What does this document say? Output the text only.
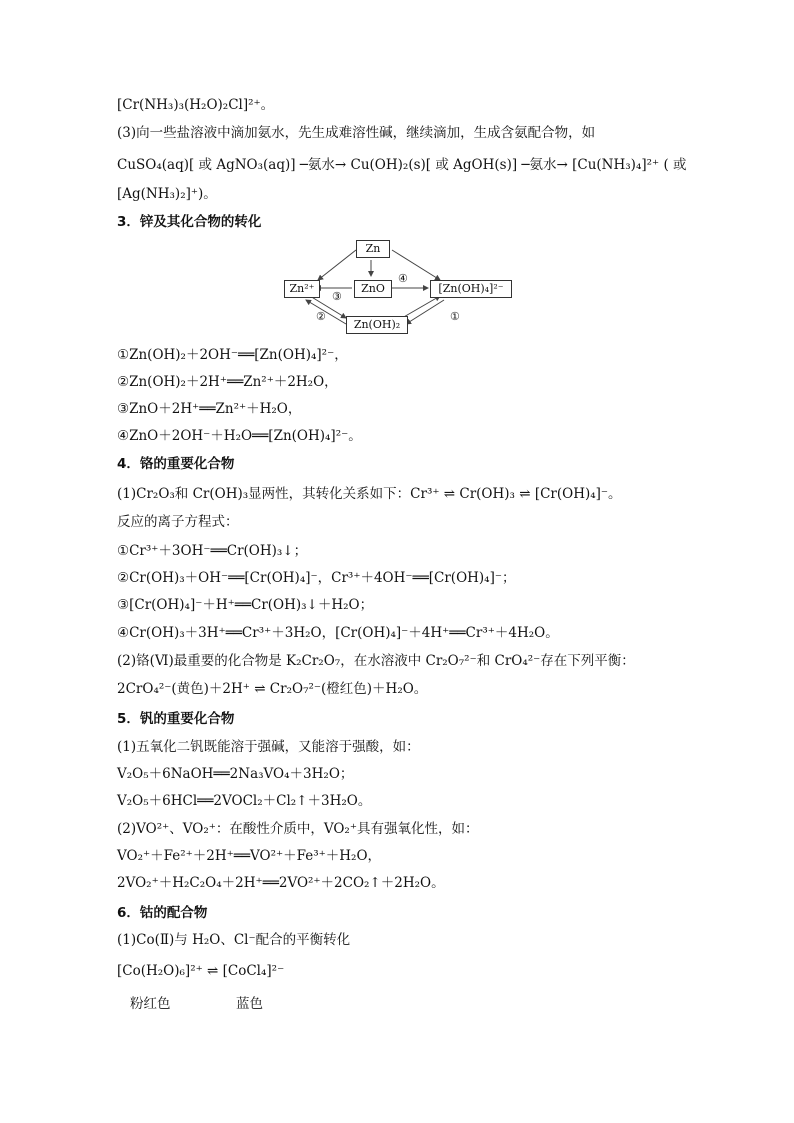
[Cr(NH₃)₃(H₂O)₂Cl]²⁺。
(3)向一些盐溶液中滴加氨水，先生成难溶性碱，继续滴加，生成含氨配合物，如
CuSO₄(aq)[ 或 AgNO₃(aq)] ─氨水→ Cu(OH)₂(s)[ 或 AgOH(s)] ─氨水→ [Cu(NH₃)₄]²⁺ ( 或
[Ag(NH₃)₂]⁺)。
3．锌及其化合物的转化
Zn
Zn²⁺	ZnO	[Zn(OH)₄]²⁻
Zn(OH)₂
①
②
③
④
①Zn(OH)₂＋2OH⁻══[Zn(OH)₄]²⁻，
②Zn(OH)₂＋2H⁺══Zn²⁺＋2H₂O，
③ZnO＋2H⁺══Zn²⁺＋H₂O，
④ZnO＋2OH⁻＋H₂O══[Zn(OH)₄]²⁻。
4．铬的重要化合物
(1)Cr₂O₃和 Cr(OH)₃显两性，其转化关系如下：Cr³⁺ ⇌ Cr(OH)₃ ⇌ [Cr(OH)₄]⁻。
反应的离子方程式：
①Cr³⁺＋3OH⁻══Cr(OH)₃↓；
②Cr(OH)₃＋OH⁻══[Cr(OH)₄]⁻，Cr³⁺＋4OH⁻══[Cr(OH)₄]⁻；
③[Cr(OH)₄]⁻＋H⁺══Cr(OH)₃↓＋H₂O；
④Cr(OH)₃＋3H⁺══Cr³⁺＋3H₂O，[Cr(OH)₄]⁻＋4H⁺══Cr³⁺＋4H₂O。
(2)铬(Ⅵ)最重要的化合物是 K₂Cr₂O₇，在水溶液中 Cr₂O₇²⁻和 CrO₄²⁻存在下列平衡：
2CrO₄²⁻(黄色)＋2H⁺ ⇌ Cr₂O₇²⁻(橙红色)＋H₂O。
5．钒的重要化合物
(1)五氧化二钒既能溶于强碱，又能溶于强酸，如：
V₂O₅＋6NaOH══2Na₃VO₄＋3H₂O；
V₂O₅＋6HCl══2VOCl₂＋Cl₂↑＋3H₂O。
(2)VO²⁺、VO₂⁺：在酸性介质中，VO₂⁺具有强氧化性，如：
VO₂⁺＋Fe²⁺＋2H⁺══VO²⁺＋Fe³⁺＋H₂O，
2VO₂⁺＋H₂C₂O₄＋2H⁺══2VO²⁺＋2CO₂↑＋2H₂O。
6．钴的配合物
(1)Co(Ⅱ)与 H₂O、Cl⁻配合的平衡转化
[Co(H₂O)₆]²⁺ ⇌ [CoCl₄]²⁻
粉红色	蓝色
